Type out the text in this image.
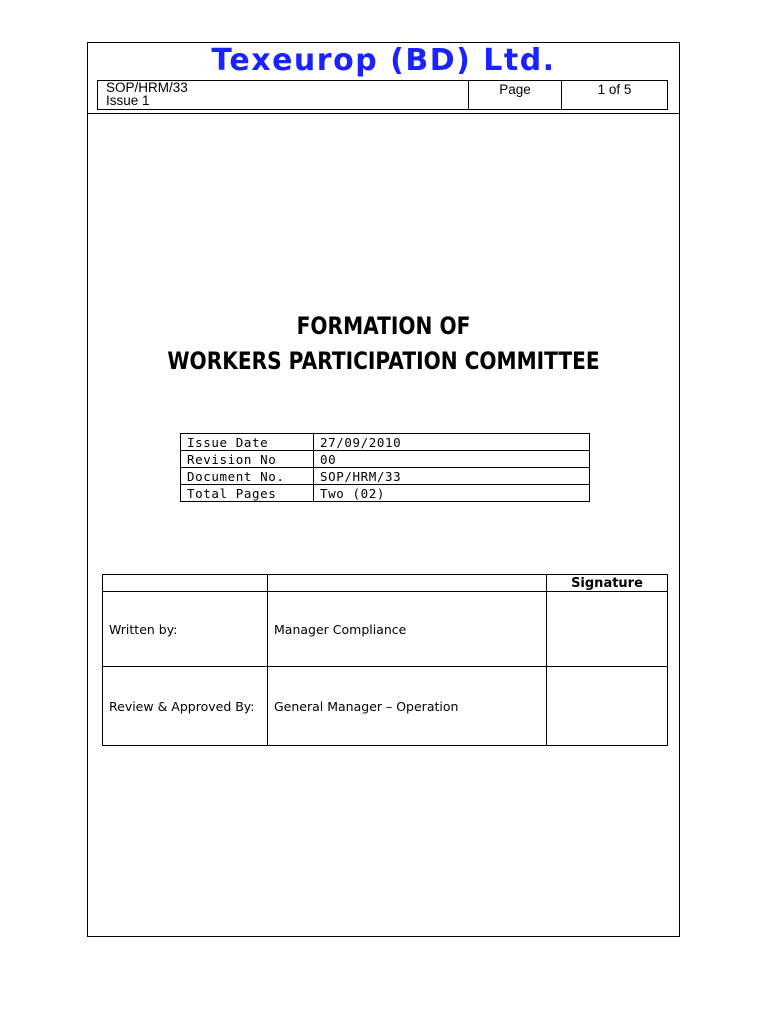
Texeurop (BD) Ltd.
SOP/HRM/33
Issue 1
	Page	1 of 5
FORMATION OF
WORKERS PARTICIPATION COMMITTEE
Issue Date	27/09/2010
Revision No	00
Document No.	SOP/HRM/33
Total Pages	Two (02)
		Signature
Written by:	Manager Compliance	
Review & Approved By:	General Manager – Operation	
